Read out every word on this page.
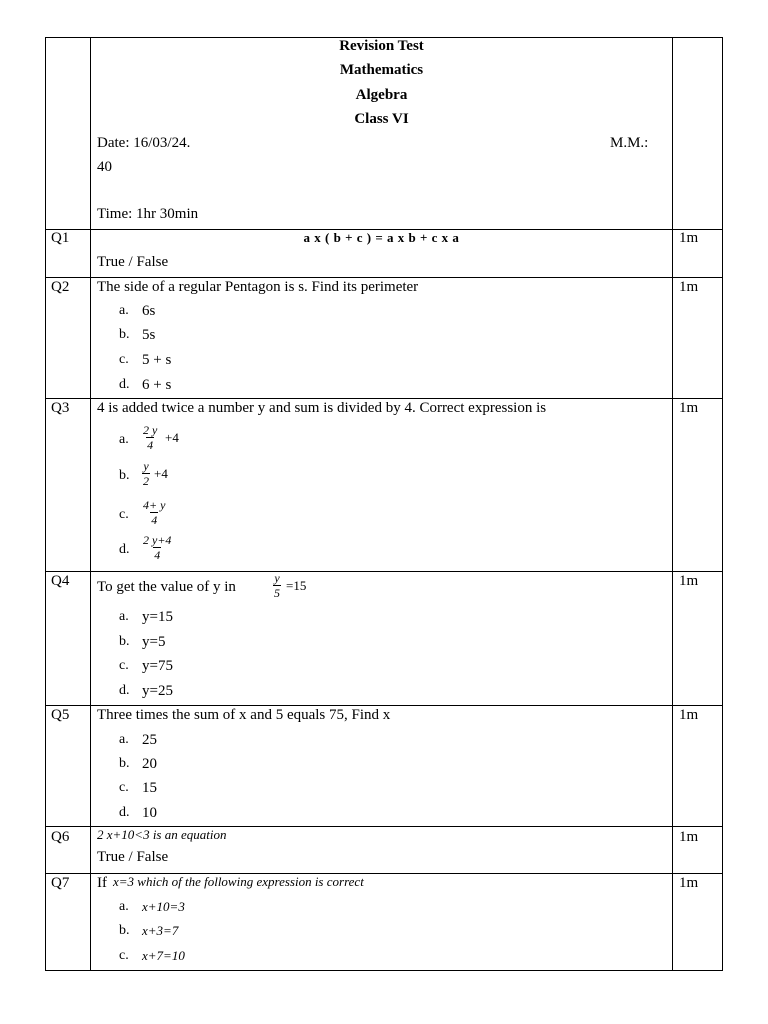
Revision Test
Mathematics
Algebra
Class VI
Date: 16/03/24.	M.M.:
40
Time: 1hr 30min
Q1	a x ( b + c ) = a x b + c x a
True / False
1m
Q2 The side of a regular Pentagon is s. Find its perimeter	1m
a. 6s
b. 5s
c. 5 + s
d. 6 + s
Q3 4 is added twice a number y and sum is divided by 4. Correct expression is	1m
a. $\frac{2 y}{4} +4$
b. $\frac{y}{2} +4$
c. $\frac{4+ y}{4}$
d. $\frac{2 y+4}{4}$
Q4 To get the value of y in	$\frac{y}{5} =15$	1m
a. y=15
b. y=5
c. y=75
d. y=25
Q5 Three times the sum of x and 5 equals 75, Find x	1m
a. 25
b. 20
c. 15
d. 10
Q6 2 x+10<3 is an equation
True / False
1m
Q7 If x=3 which of the following expression is correct	1m
a. x+10=3
b. x+3=7
c. x+7=10
